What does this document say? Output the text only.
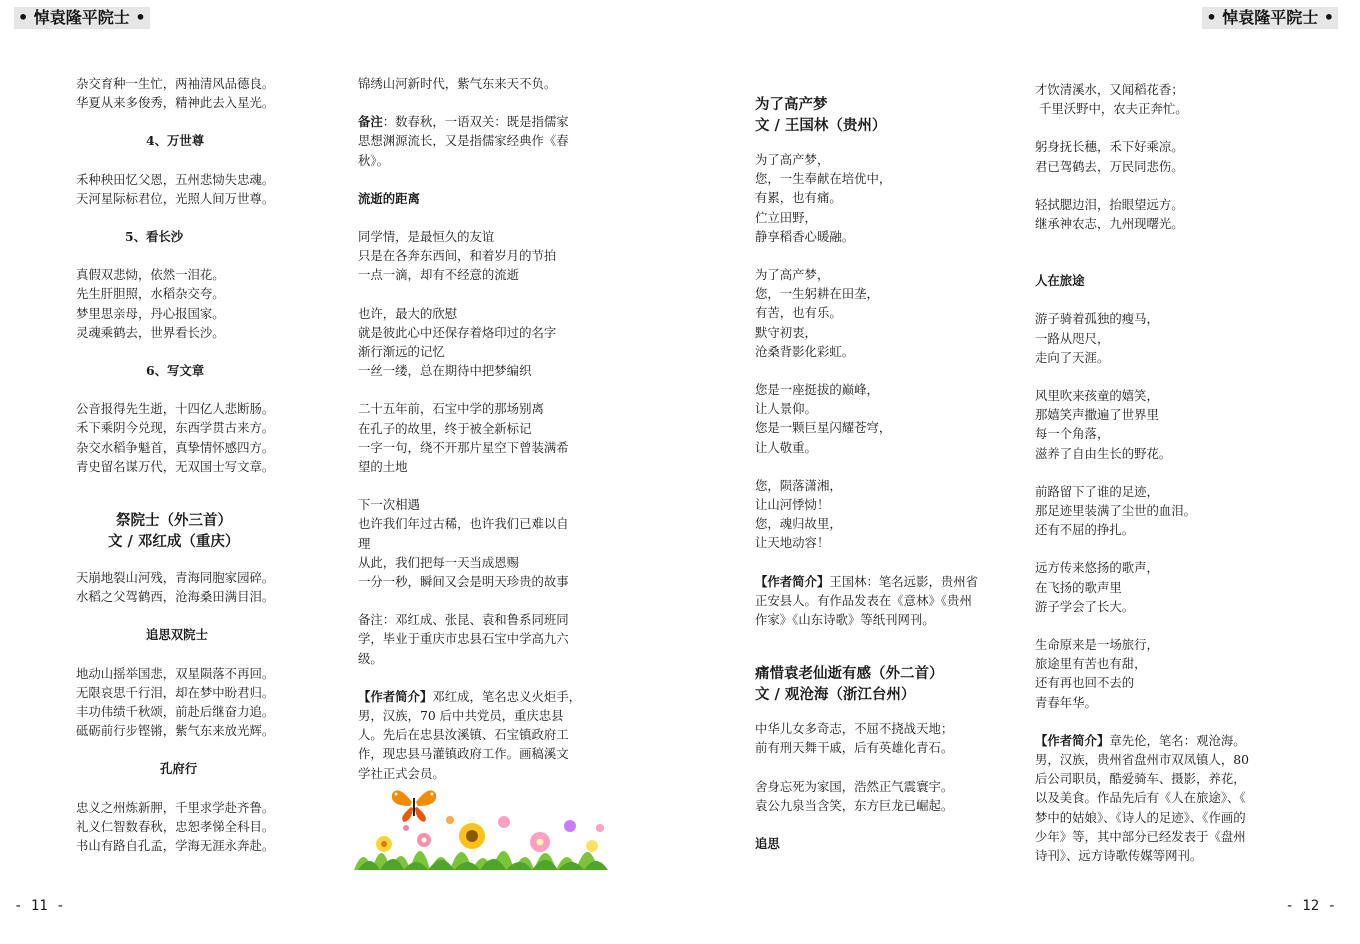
• 悼袁隆平院士 •	• 悼袁隆平院士 •

杂交育种一生忙，两袖清风品德良。

华夏从来多俊秀，精神此去入星光。

4、万世尊

禾种秧田忆父恩，五州悲恸失忠魂。

天河星际标君位，光照人间万世尊。

5、看长沙

真假双悲恸，依然一泪花。

先生肝胆照，水稻杂交夸。

梦里思亲母，丹心报国家。

灵魂乘鹤去，世界看长沙。

6、写文章

公音报得先生逝，十四亿人悲断肠。

禾下乘阴今兑现，东西学贯古来方。

杂交水稻争魁首，真挚情怀感四方。

青史留名谋万代，无双国士写文章。

祭院士（外三首）

文 / 邓红成（重庆）

天崩地裂山河残，青海同胞家园碎。

水稻之父驾鹤西，沧海桑田满目泪。

追思双院士

地动山摇举国悲，双星陨落不再回。

无限哀思千行泪，却在梦中盼君归。

丰功伟绩千秋颂，前赴后继奋力追。

砥砺前行步铿锵，紫气东来放光辉。

孔府行

忠义之州炼新胛，千里求学赴齐鲁。

礼义仁智数春秋，忠恕孝悌全科目。

书山有路自孔孟，学海无涯永奔赴。

锦绣山河新时代，紫气东来天不负。

备注：数春秋，一语双关：既是指儒家

思想渊源流长，又是指儒家经典作《春

秋》。

流逝的距离

同学情，是最恒久的友谊

只是在各奔东西间，和着岁月的节拍

一点一滴，却有不经意的流逝

也许，最大的欣慰

就是彼此心中还保存着烙印过的名字

渐行渐远的记忆

一丝一缕，总在期待中把梦编织

二十五年前，石宝中学的那场别离

在孔子的故里，终于被全新标记

一字一句，绕不开那片星空下曾装满希

望的土地

下一次相遇

也许我们年过古稀，也许我们已难以自

理

从此，我们把每一天当成恩赐

一分一秒，瞬间又会是明天珍贵的故事

备注：邓红成、张昆、袁和鲁系同班同

学，毕业于重庆市忠县石宝中学高九六

级。

【作者简介】邓红成，笔名忠义火炬手，

男，汉族，70 后中共党员，重庆忠县

人。先后在忠县汝溪镇、石宝镇政府工

作，现忠县马灌镇政府工作。画稿溪文

学社正式会员。

为了高产梦

文 / 王国林（贵州）

为了高产梦，

您，一生奉献在培优中，

有累，也有痛。

伫立田野，

静享稻香心暖融。

为了高产梦，

您，一生躬耕在田垄，

有苦，也有乐。

默守初衷，

沧桑背影化彩虹。

您是一座挺拔的巅峰，

让人景仰。

您是一颗巨星闪耀苍穹，

让人敬重。

您，陨落潇湘，

让山河悸恸！

您，魂归故里，

让天地动容！

【作者简介】王国林：笔名远影，贵州省

正安县人。有作品发表在《意林》《贵州

作家》《山东诗歌》等纸刊网刊。

痛惜袁老仙逝有感（外二首）

文 / 观沧海（浙江台州）

中华儿女多奇志，不屈不挠战天地；

前有刑天舞干戚，后有英雄化青石。

舍身忘死为家国，浩然正气震寰宇。

袁公九泉当含笑，东方巨龙已崛起。

追思

才饮清溪水，又闻稻花香；

千里沃野中，农夫正奔忙。

躬身抚长穗，禾下好乘凉。

君已驾鹤去，万民同悲伤。

轻拭腮边泪，抬眼望远方。

继承神农志，九州现曙光。

人在旅途

游子骑着孤独的瘦马，

一路从咫尺，

走向了天涯。

风里吹来孩童的嬉笑，

那嬉笑声撒遍了世界里

每一个角落，

滋养了自由生长的野花。

前路留下了谁的足迹，

那足迹里装满了尘世的血泪。

还有不屈的挣扎。

远方传来悠扬的歌声，

在飞扬的歌声里

游子学会了长大。

生命原来是一场旅行，

旅途里有苦也有甜，

还有再也回不去的

青春年华。

【作者简介】章先伦，笔名：观沧海。

男，汉族，贵州省盘州市双凤镇人，80

后公司职员，酷爱骑车、摄影，养花，

以及美食。作品先后有《人在旅途》、《

梦中的姑娘》、《诗人的足迹》、《作画的

少年》等，其中部分已经发表于《盘州

诗刊》、远方诗歌传媒等网刊。

- 11 -	- 12 -
